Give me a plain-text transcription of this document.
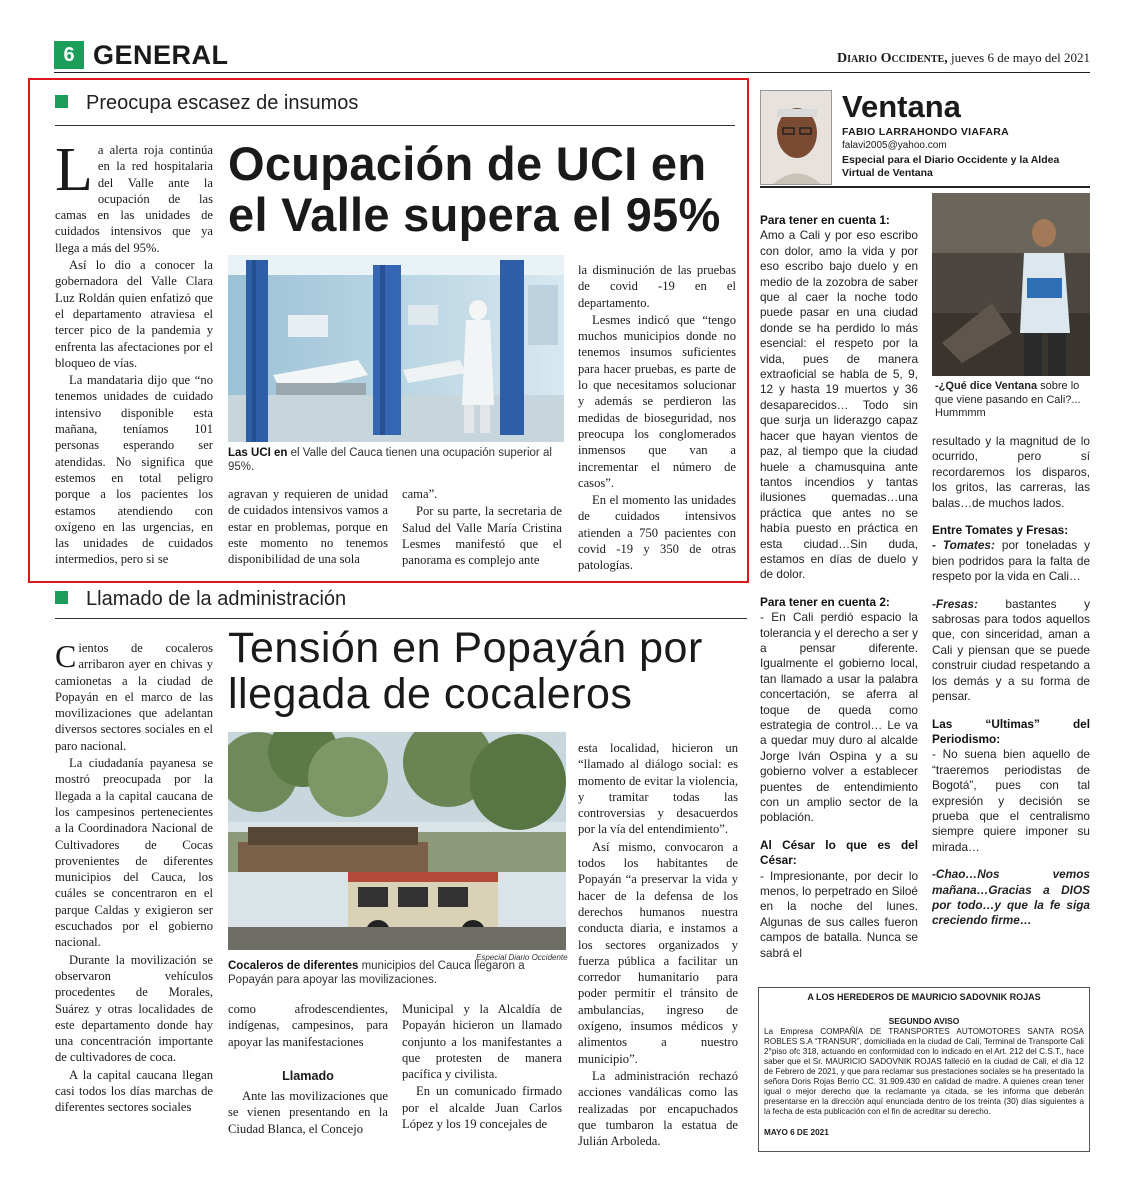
6 GENERAL	Diario Occidente, jueves 6 de mayo del 2021
Preocupa escasez de insumos

La alerta roja continúa en la red hospitalaria del Valle ante la ocupación de las camas en las unidades de cuidados intensivos que ya llega a más del 95%.

Así lo dio a conocer la gobernadora del Valle Clara Luz Roldán quien enfatizó que el departamento atraviesa el tercer pico de la pandemia y enfrenta las afectaciones por el bloqueo de vías.

La mandataria dijo que “no tenemos unidades de cuidado intensivo disponible esta mañana, teníamos 101 personas esperando ser atendidas. No significa que estemos en total peligro porque a los pacientes los estamos atendiendo con oxígeno en las urgencias, en las unidades de cuidados intermedios, pero si se

Ocupación de UCI en el Valle supera el 95%
Las UCI en el Valle del Cauca tienen una ocupación superior al 95%.

agravan y requieren de unidad de cuidados intensivos vamos a estar en problemas, porque en este momento no tenemos disponibilidad de una sola

cama”.

Por su parte, la secretaria de Salud del Valle María Cristina Lesmes manifestó que el panorama es complejo ante

la disminución de las pruebas de covid -19 en el departamento.

Lesmes indicó que “tengo muchos municipios donde no tenemos insumos suficientes para hacer pruebas, es parte de lo que necesitamos solucionar y además se perdieron las medidas de bioseguridad, nos preocupa los conglomerados inmensos que van a incrementar el número de casos”.

En el momento las unidades de cuidados intensivos atienden a 750 pacientes con covid -19 y 350 de otras patologías.

Llamado de la administración

Cientos de cocaleros arribaron ayer en chivas y camionetas a la ciudad de Popayán en el marco de las movilizaciones que adelantan diversos sectores sociales en el paro nacional.

La ciudadanía payanesa se mostró preocupada por la llegada a la capital caucana de los campesinos pertenecientes a la Coordinadora Nacional de Cultivadores de Cocas provenientes de diferentes municipios del Cauca, los cuáles se concentraron en el parque Caldas y exigieron ser escuchados por el gobierno nacional.

Durante la movilización se observaron vehículos procedentes de Morales, Suárez y otras localidades de este departamento donde hay una concentración importante de cultivadores de coca.

A la capital caucana llegan casi todos los días marchas de diferentes sectores sociales

Tensión en Popayán por llegada de cocaleros
Especial Diario Occidente
Cocaleros de diferentes municipios del Cauca llegaron a Popayán para apoyar las movilizaciones.

como afrodescendientes, indígenas, campesinos, para apoyar las manifestaciones

Llamado

Ante las movilizaciones que se vienen presentando en la Ciudad Blanca, el Concejo

Municipal y la Alcaldía de Popayán hicieron un llamado conjunto a los manifestantes a que protesten de manera pacífica y civilista.

En un comunicado firmado por el alcalde Juan Carlos López y los 19 concejales de

esta localidad, hicieron un “llamado al diálogo social: es momento de evitar la violencia, y tramitar todas las controversias y desacuerdos por la vía del entendimiento”.

Así mismo, convocaron a todos los habitantes de Popayán “a preservar la vida y hacer de la defensa de los derechos humanos nuestra conducta diaria, e instamos a los sectores organizados y fuerza pública a facilitar un corredor humanitario para poder permitir el tránsito de ambulancias, ingreso de oxígeno, insumos médicos y alimentos a nuestro municipio”.

La administración rechazó acciones vandálicas como las realizadas por encapuchados que tumbaron la estatua de Julián Arboleda.

Ventana
FABIO LARRAHONDO VIAFARA
falavi2005@yahoo.com
Especial para el Diario Occidente y la Aldea Virtual de Ventana

Para tener en cuenta 1:

Amo a Cali y por eso escribo con dolor, amo la vida y por eso escribo bajo duelo y en medio de la zozobra de saber que al caer la noche todo puede pasar en una ciudad donde se ha perdido lo más esencial: el respeto por la vida, pues de manera extraoficial se habla de 5, 9, 12 y hasta 19 muertos y 36 desaparecidos… Todo sin que surja un liderazgo capaz hacer que hayan vientos de paz, al tiempo que la ciudad huele a chamusquina ante tantos incendios y tantas ilusiones quemadas…una práctica que antes no se había puesto en práctica en esta ciudad…Sin duda, estamos en días de duelo y de dolor.

Para tener en cuenta 2:

- En Cali perdió espacio la tolerancia y el derecho a ser y a pensar diferente. Igualmente el gobierno local, tan llamado a usar la palabra concertación, se aferra al toque de queda como estrategia de control… Le va a quedar muy duro al alcalde Jorge Iván Ospina y a su gobierno volver a establecer puentes de entendimiento con un amplio sector de la población.

Al César lo que es del César:

- Impresionante, por decir lo menos, lo perpetrado en Siloé en la noche del lunes. Algunas de sus calles fueron campos de batalla. Nunca se sabrá el

-¿Qué dice Ventana sobre lo que viene pasando en Cali?... Hummmm

resultado y la magnitud de lo ocurrido, pero sí recordaremos los disparos, los gritos, las carreras, las balas…de muchos lados.

Entre Tomates y Fresas:

- Tomates: por toneladas y bien podridos para la falta de respeto por la vida en Cali…

-Fresas: bastantes y sabrosas para todos aquellos que, con sinceridad, aman a Cali y piensan que se puede construir ciudad respetando a los demás y a su forma de pensar.

Las “Ultimas” del Periodismo:

- No suena bien aquello de “traeremos periodistas de Bogotá”, pues con tal expresión y decisión se prueba que el centralismo siempre quiere imponer su mirada…

-Chao…Nos vemos mañana…Gracias a DIOS por todo…y que la fe siga creciendo firme…

A LOS HEREDEROS DE MAURICIO SADOVNIK ROJAS
SEGUNDO AVISO
La Empresa COMPAÑÍA DE TRANSPORTES AUTOMOTORES SANTA ROSA ROBLES S.A “TRANSUR”, domiciliada en la ciudad de Cali, Terminal de Transporte Cali 2°piso ofc 318, actuando en conformidad con lo indicado en el Art. 212 del C.S.T., hace saber que el Sr. MAURICIO SADOVNIK ROJAS falleció en la ciudad de Cali, el día 12 de Febrero de 2021, y que para reclamar sus prestaciones sociales se ha presentado la señora Doris Rojas Berrio CC. 31.909.430 en calidad de madre. A quienes crean tener igual o mejor derecho que la reclamante ya citada, se les informa que deberán presentarse en la dirección aquí enunciada dentro de los treinta (30) días siguientes a la fecha de esta publicación con el fin de acreditar su derecho.
MAYO 6 DE 2021
